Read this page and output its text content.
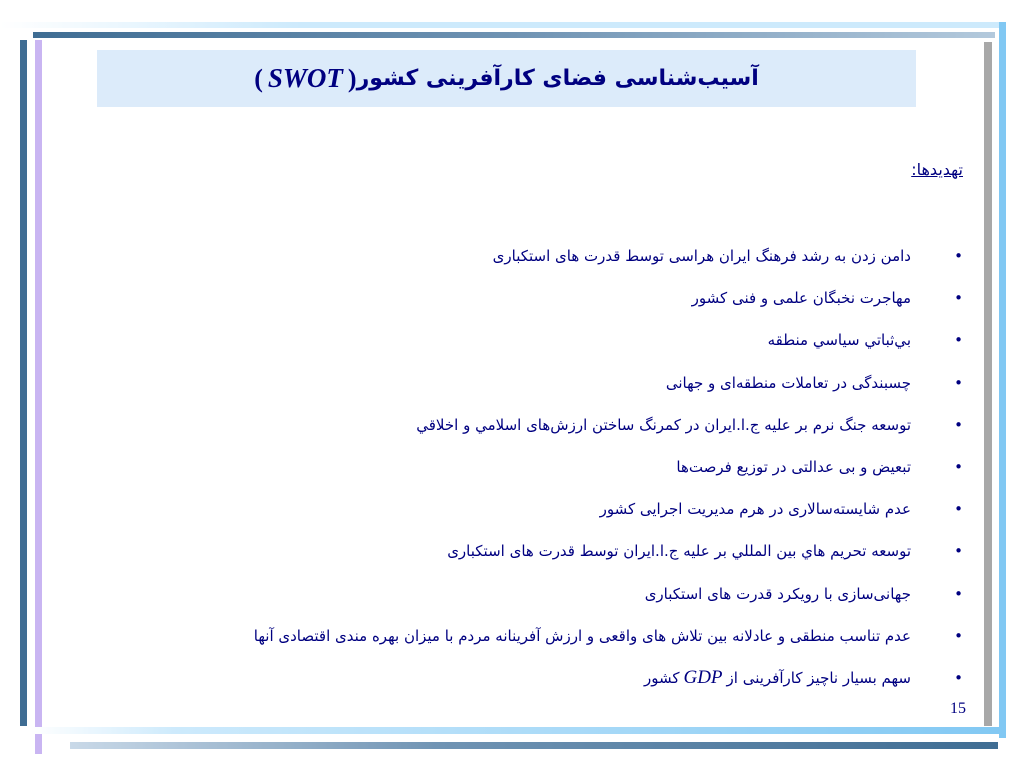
آسیب‌شناسی فضای کارآفرینی کشور
(
SWOT
)
تهدیدها:
•
دامن زدن به رشد فرهنگ ایران هراسی توسط قدرت های استکباری
•
مهاجرت نخبگان علمی و فنی کشور
•
بي‌ثباتي سياسي منطقه
•
چسبندگی در تعاملات منطقه‌ای و جهانی
•
توسعه جنگ نرم بر عليه ج.ا.ايران در كمرنگ ساختن ارزش‌های اسلامي و اخلاقي
•
تبعیض و بی عدالتی در توزیع فرصت‌ها
•
عدم شایسته‌سالاری در هرم مدیریت اجرایی کشور
•
توسعه تحريم هاي بين المللي بر عليه ج.ا.ايران توسط قدرت های استکباری
•
جهانی‌سازی با رویکرد قدرت های استکباری
•
عدم تناسب منطقی و عادلانه بین تلاش های واقعی و ارزش آفرینانه مردم با میزان بهره مندی اقتصادی آنها
•
سهم بسیار ناچیز کارآفرینی از
GDP
کشور
15
